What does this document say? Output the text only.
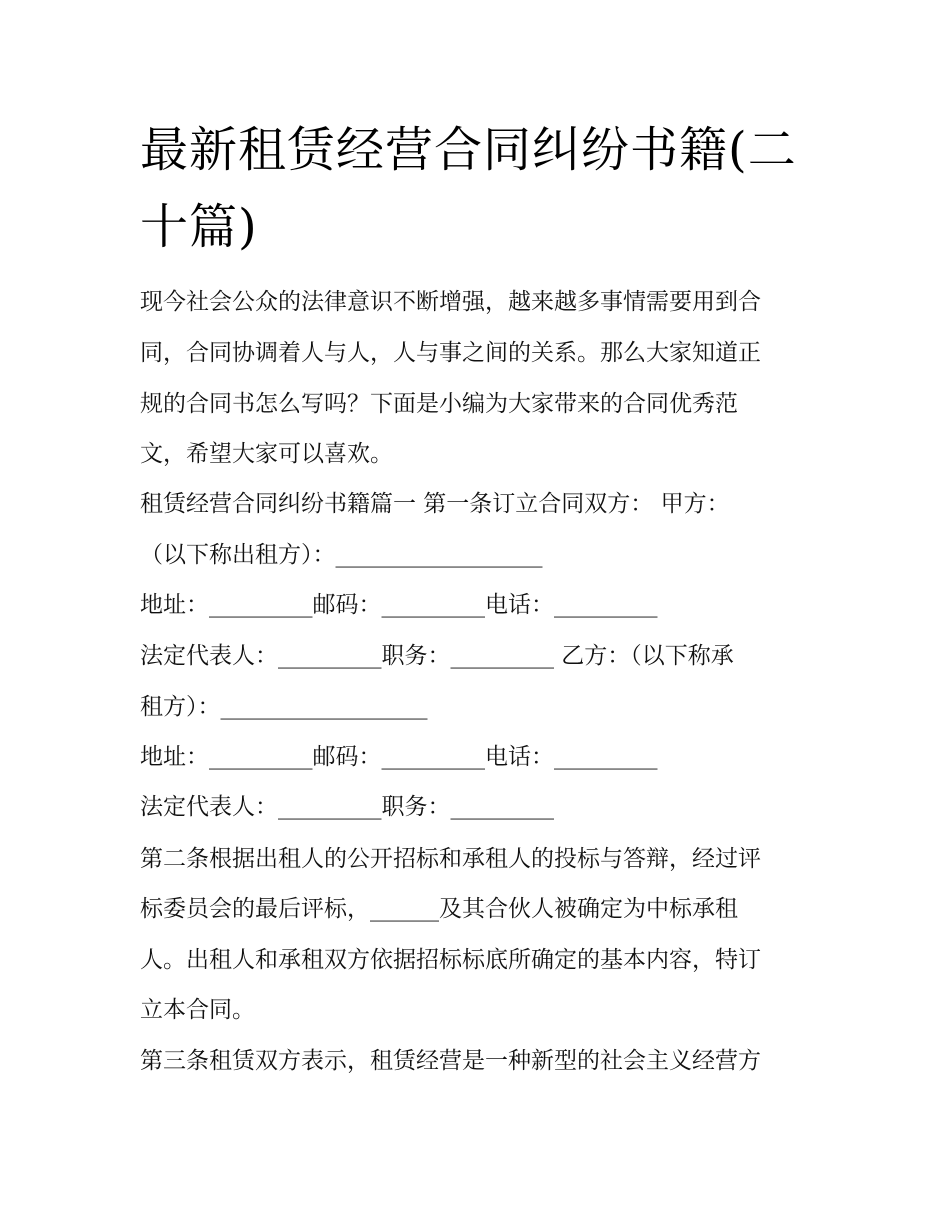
最新租赁经营合同纠纷书籍(二十篇)

现今社会公众的法律意识不断增强，越来越多事情需要用到合

同，合同协调着人与人，人与事之间的关系。那么大家知道正

规的合同书怎么写吗？下面是小编为大家带来的合同优秀范

文，希望大家可以喜欢。

租赁经营合同纠纷书籍篇一 第一条订立合同双方： 甲方：

（以下称出租方）：__________________

地址：_________邮码：_________电话：_________

法定代表人：_________职务：_________ 乙方：（以下称承

租方）：__________________

地址：_________邮码：_________电话：_________

法定代表人：_________职务：_________

第二条根据出租人的公开招标和承租人的投标与答辩，经过评

标委员会的最后评标，______及其合伙人被确定为中标承租

人。出租人和承租双方依据招标标底所确定的基本内容，特订

立本合同。

第三条租赁双方表示，租赁经营是一种新型的社会主义经营方
